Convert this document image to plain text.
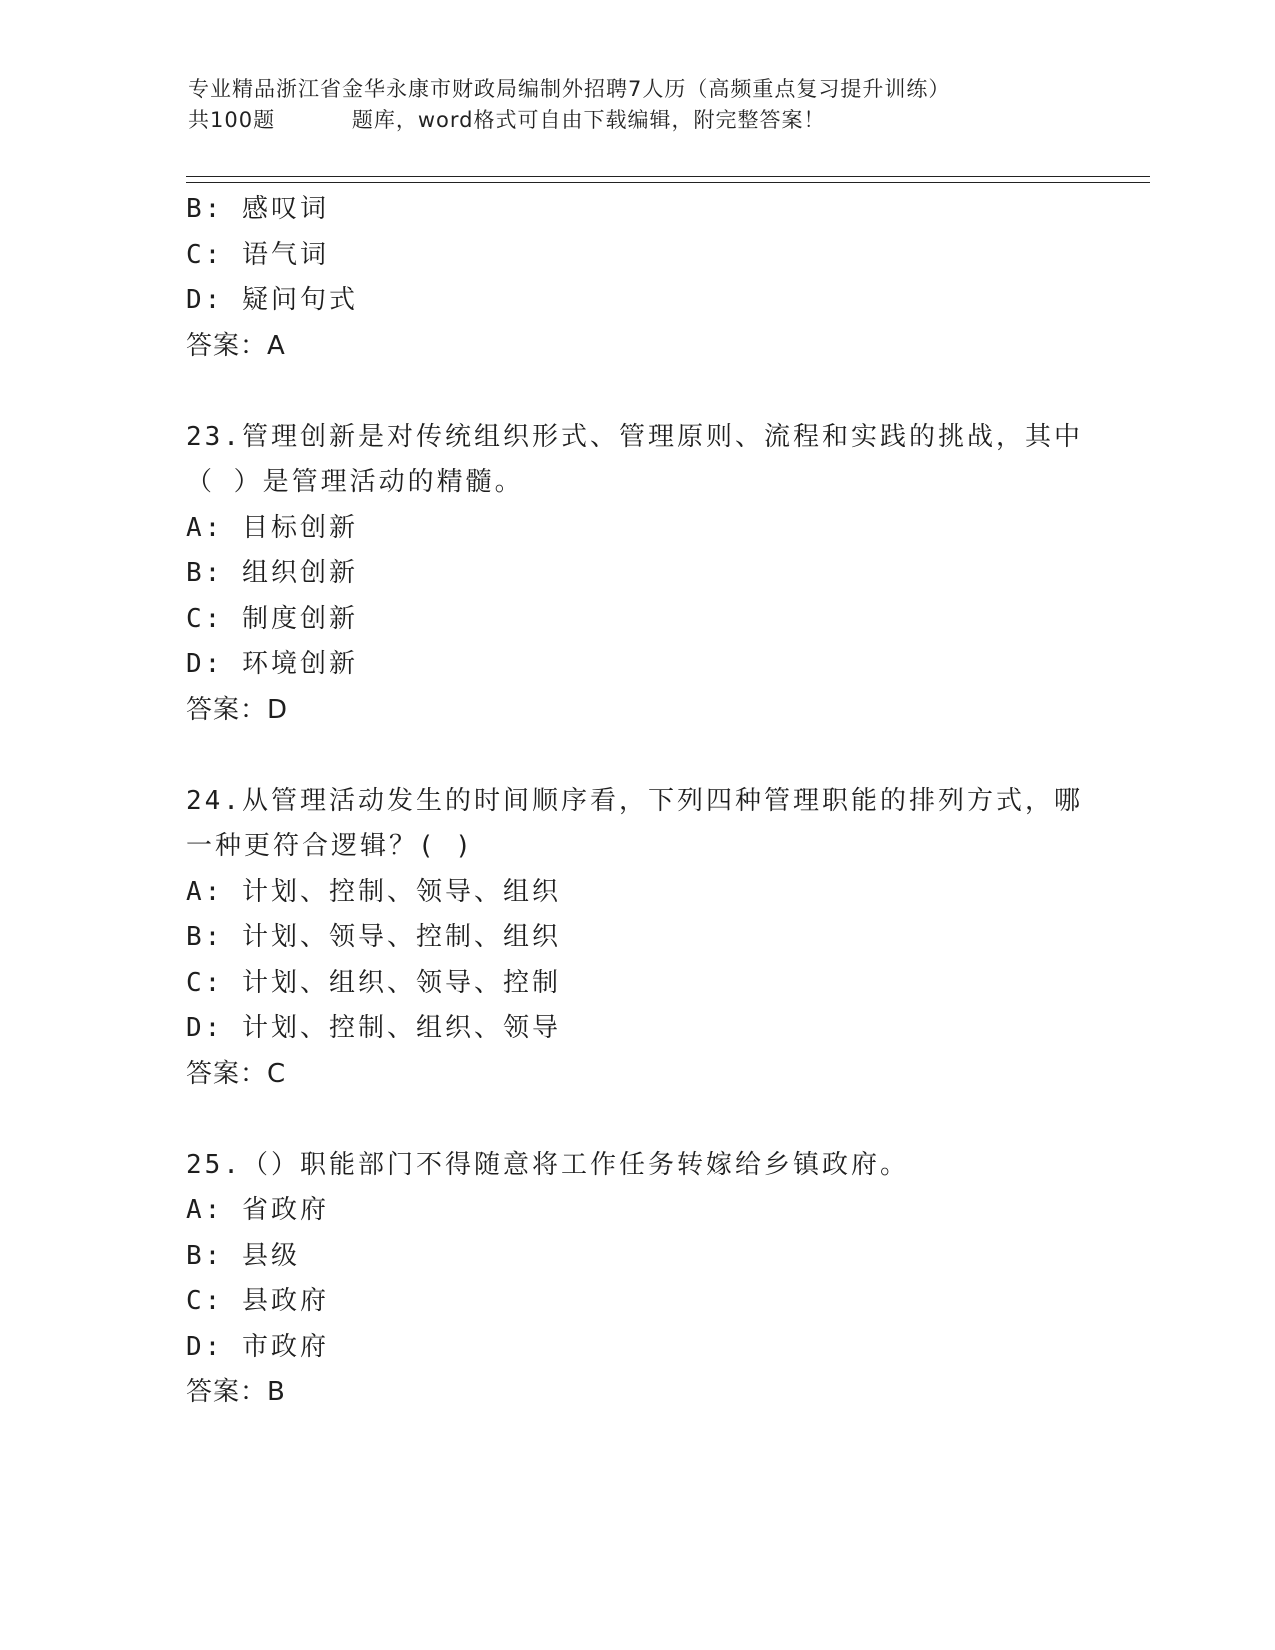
专业精品浙江省金华永康市财政局编制外招聘7人历（高频重点复习提升训练）
共100题          题库，word格式可自由下载编辑，附完整答案！
B: 感叹词
C: 语气词
D: 疑问句式
答案：A
23.管理创新是对传统组织形式、管理原则、流程和实践的挑战，其中
（ ）是管理活动的精髓。
A: 目标创新
B: 组织创新
C: 制度创新
D: 环境创新
答案：D
24.从管理活动发生的时间顺序看，下列四种管理职能的排列方式，哪
一种更符合逻辑？( )
A: 计划、控制、领导、组织
B: 计划、领导、控制、组织
C: 计划、组织、领导、控制
D: 计划、控制、组织、领导
答案：C
25.（）职能部门不得随意将工作任务转嫁给乡镇政府。
A: 省政府
B: 县级
C: 县政府
D: 市政府
答案：B
